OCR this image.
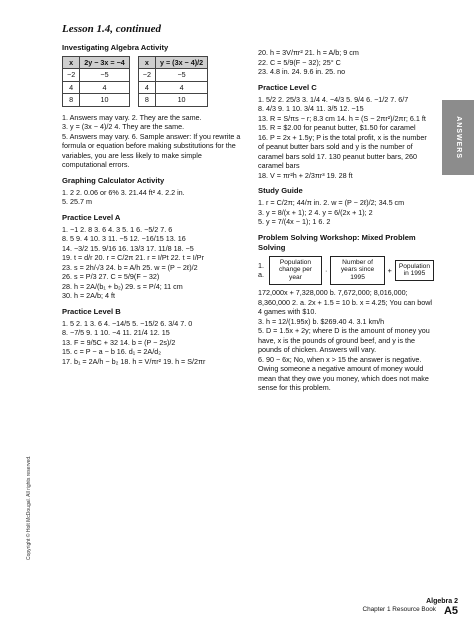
ANSWERS
Copyright © Holt McDougal. All rights reserved.

Lesson 1.4, continued

Investigating Algebra Activity

x	2y − 3x = −4
−2	−5
4	4
8	10
x	y = (3x − 4)/2
−2	−5
4	4
8	10

1. Answers may vary. 2. They are the same.

3. y = (3x − 4)/2 4. They are the same.

5. Answers may vary. 6. Sample answer: If you rewrite a formula or equation before making substitutions for the variables, you are less likely to make simple computational errors.

Graphing Calculator Activity

1. 2 2. 0.06 or 6% 3. 21.44 ft² 4. 2.2 in.

5. 25.7 m

Practice Level A

1. −1 2. 8 3. 6 4. 3 5. 1 6. −5/2 7. 6

8. 5 9. 4 10. 3 11. −5 12. −16/15 13. 16

14. −3/2 15. 9/16 16. 13/3 17. 11/8 18. −5

19. t = d/r 20. r = C/2π 21. r = I/Pt 22. t = I/Pr

23. s = 2h/√3 24. b = A/h 25. w = (P − 2ℓ)/2

26. s = P/3 27. C = 5/9(F − 32)

28. h = 2A/(b₁ + b₂) 29. s = P/4; 11 cm

30. h = 2A/b; 4 ft

Practice Level B

1. 5 2. 1 3. 6 4. −14/5 5. −15/2 6. 3/4 7. 0

8. −7/5 9. 1 10. −4 11. 21/4 12. 15

13. F = 9/5C + 32 14. b = (P − 2s)/2

15. c = P − a − b 16. d₁ = 2A/d₂

17. b₁ = 2A/h − b₂ 18. h = V/πr² 19. h = S/2πr

20. h = 3V/πr² 21. h = A/b; 9 cm

22. C = 5/9(F − 32); 25° C

23. 4.8 in. 24. 9.6 in. 25. no

Practice Level C

1. 5/2 2. 25/3 3. 1/4 4. −4/3 5. 9/4 6. −1/2 7. 6/7

8. 4/3 9. 1 10. 3/4 11. 3/5 12. −15

13. R = S/πs − r; 8.3 cm 14. h = (S − 2πr²)/2πr; 6.1 ft

15. R = $2.00 for peanut butter, $1.50 for caramel

16. P = 2x + 1.5y; P is the total profit, x is the number of peanut butter bars sold and y is the number of caramel bars sold 17. 130 peanut butter bars, 260 caramel bars

18. V = πr²h + 2/3πr³ 19. 28 ft

Study Guide

1. r = C/2π; 44/π in. 2. w = (P − 2ℓ)/2; 34.5 cm

3. y = 8/(x + 1); 2 4. y = 6/(2x + 1); 2

5. y = 7/(4x − 1); 1 6. 2

Problem Solving Workshop: Mixed Problem Solving

1. a.
Population change per year
·
Number of years since 1995
+	Population in 1995

172,000x + 7,328,000 b. 7,672,000; 8,016,000; 8,360,000 2. a. 2x + 1.5 = 10 b. x = 4.25; You can bowl 4 games with $10.

3. h = 12/(1.95x) b. $269.40 4. 3.1 km/h

5. D = 1.5x + 2y; where D is the amount of money you have, x is the pounds of ground beef, and y is the pounds of chicken. Answers will vary.

6. 90 − 6x; No, when x > 15 the answer is negative. Owing someone a negative amount of money would mean that they owe you money, which does not make sense for this problem.

Algebra 2
Chapter 1 Resource Book A5
